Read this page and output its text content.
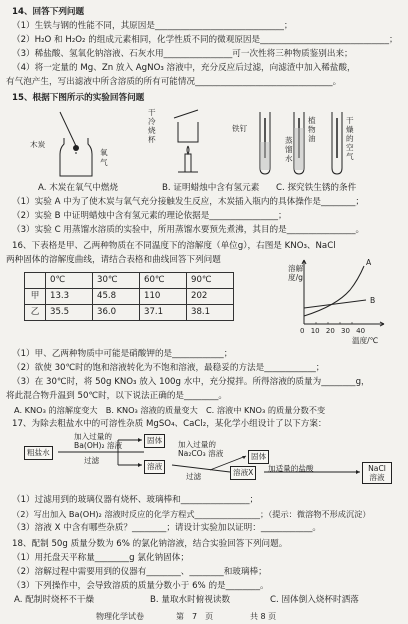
14、回答下列问题
（1）生铁与钢的性能不同，其原因是______________________________；
（2）H₂O 和 H₂O₂ 的组成元素相同，化学性质不同的微观原因是______________________________；
（3）稀盐酸、氢氧化钠溶液、石灰水用________________可一次性将三种物质鉴别出来；
（4）将一定量的 Mg、Zn 放入 AgNO₃ 溶液中，充分反应后过滤，向滤渣中加入稀盐酸，
有气泡产生，写出滤液中所含溶质的所有可能情况________________________________。
15、根据下图所示的实验回答问题
木炭
氧气
干冷烧杯
铁钉
植物油
蒸馏水
干燥的空气
A. 木炭在氧气中燃烧	B. 证明蜡烛中含有氢元素 C. 探究铁生锈的条件
（1）实验 A 中为了使木炭与氧气充分接触发生反应，木炭插入瓶内的具体操作是________；
（2）实验 B 中证明蜡烛中含有氢元素的理论依据是________________；
（3）实验 C 用蒸馏水溶质的实验中，所用蒸馏水要预先煮沸，其目的是________________。
16、下表格是甲、乙两种物质在不同温度下的溶解度（单位g），右图是 KNO₃、NaCl
两种固体的溶解度曲线，请结合表格和曲线回答下列问题
	0℃	30℃	60℃	90℃
甲	13.3	45.8	110	202
乙	35.5	36.0	37.1	38.1
溶解度/g
A
B
0 10 20 30 40
温度/℃
（1）甲、乙两种物质中可能是硝酸钾的是____________；
（2）欲使 30℃时的饱和溶液转化为不饱和溶液，最稳妥的方法是____________；
（3）在 30℃时，将 50g KNO₃ 放入 100g 水中，充分搅拌。所得溶液的质量为________g，
将此混合物升温到 50℃时，以下说法正确的是________。
A. KNO₃ 的溶解度变大　B. KNO₃ 溶液的质量变大　C. 溶液中 KNO₃ 的质量分数不变
17、为除去粗盐水中的可溶性杂质 MgSO₄、CaCl₂，某化学小组设计了以下方案：
粗盐水
加入过量的 Ba(OH)₂ 溶液
过滤
固体
溶液
加入过量的 Na₂CO₃ 溶液
过滤
固体
溶液X	加适量的盐酸	NaCl 溶液
（1）过滤用到的玻璃仪器有烧杯、玻璃棒和________________；
（2）写出加入 Ba(OH)₂ 溶液时反应的化学方程式________________；（提示：微溶物不形成沉淀）
（3）溶液 X 中含有哪些杂质？________；请设计实验加以证明：____________。
18、配制 50g 质量分数为 6% 的氯化钠溶液，结合实验回答下列问题。
（1）用托盘天平称量________g 氯化钠固体；
（2）溶解过程中需要用到的仪器有________、________和玻璃棒；
（3）下列操作中，会导致溶质的质量分数小于 6% 的是________。
A. 配制时烧杯不干燥	B. 量取水时俯视读数	C. 固体倒入烧杯时洒落
物理化学试卷	第　7　页	共 8 页
